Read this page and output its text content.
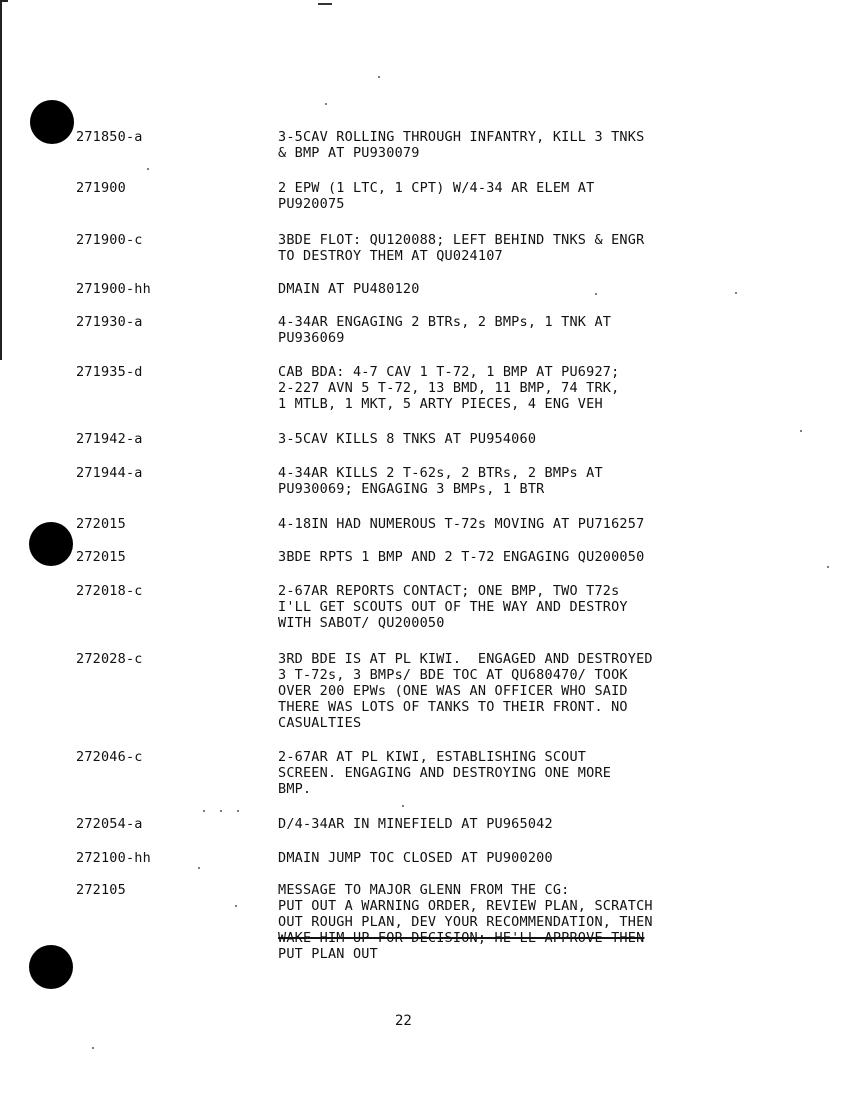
271850-a	3-5CAV ROLLING THROUGH INFANTRY, KILL 3 TNKS
& BMP AT PU930079
271900	2 EPW (1 LTC, 1 CPT) W/4-34 AR ELEM AT
PU920075
271900-c	3BDE FLOT: QU120088; LEFT BEHIND TNKS & ENGR
TO DESTROY THEM AT QU024107
271900-hh	DMAIN AT PU480120
271930-a	4-34AR ENGAGING 2 BTRs, 2 BMPs, 1 TNK AT
PU936069
271935-d	CAB BDA: 4-7 CAV 1 T-72, 1 BMP AT PU6927;
2-227 AVN 5 T-72, 13 BMD, 11 BMP, 74 TRK,
1 MTLB, 1 MKT, 5 ARTY PIECES, 4 ENG VEH
271942-a	3-5CAV KILLS 8 TNKS AT PU954060
271944-a	4-34AR KILLS 2 T-62s, 2 BTRs, 2 BMPs AT
PU930069; ENGAGING 3 BMPs, 1 BTR
272015	4-18IN HAD NUMEROUS T-72s MOVING AT PU716257
272015	3BDE RPTS 1 BMP AND 2 T-72 ENGAGING QU200050
272018-c	2-67AR REPORTS CONTACT; ONE BMP, TWO T72s
I'LL GET SCOUTS OUT OF THE WAY AND DESTROY
WITH SABOT/ QU200050
272028-c	3RD BDE IS AT PL KIWI.  ENGAGED AND DESTROYED
3 T-72s, 3 BMPs/ BDE TOC AT QU680470/ TOOK
OVER 200 EPWs (ONE WAS AN OFFICER WHO SAID
THERE WAS LOTS OF TANKS TO THEIR FRONT. NO
CASUALTIES
272046-c	2-67AR AT PL KIWI, ESTABLISHING SCOUT
SCREEN. ENGAGING AND DESTROYING ONE MORE
BMP.
272054-a	D/4-34AR IN MINEFIELD AT PU965042
272100-hh	DMAIN JUMP TOC CLOSED AT PU900200
272105	MESSAGE TO MAJOR GLENN FROM THE CG:
PUT OUT A WARNING ORDER, REVIEW PLAN, SCRATCH
OUT ROUGH PLAN, DEV YOUR RECOMMENDATION, THEN
WAKE HIM UP FOR DECISION; HE'LL APPROVE THEN
PUT PLAN OUT
22
